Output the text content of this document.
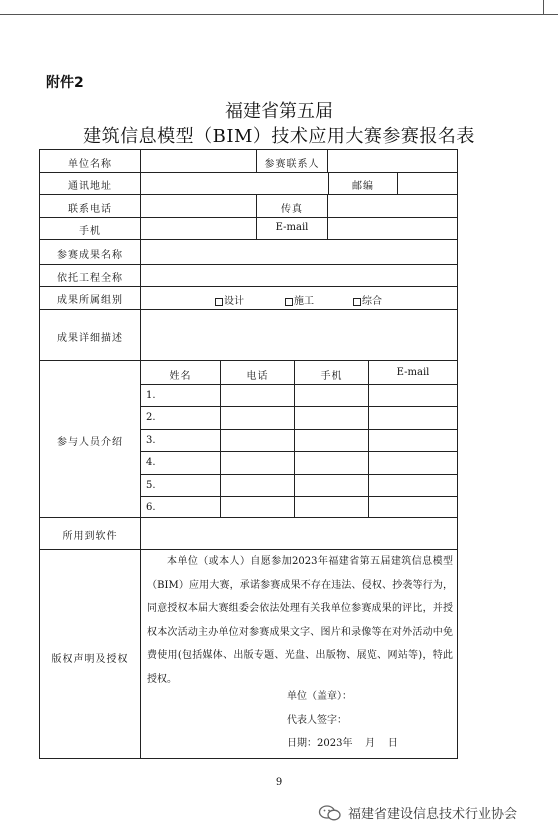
附件2
福建省第五届
建筑信息模型（BIM）技术应用大赛参赛报名表
单位名称	参赛联系人
通讯地址	邮编
联系电话	传真
手机	E-mail
参赛成果名称
依托工程全称
成果所属组别	设计	施工	综合
成果详细描述
参与人员介绍
姓名	电话	手机	E-mail
1.
2.
3.
4.
5.
6.
所用到软件
版权声明及授权

本单位（或本人）自愿参加2023年福建省第五届建筑信息模型（BIM）应用大赛，承诺参赛成果不存在违法、侵权、抄袭等行为，同意授权本届大赛组委会依法处理有关我单位参赛成果的评比，并授权本次活动主办单位对参赛成果文字、图片和录像等在对外活动中免费使用(包括媒体、出版专题、光盘、出版物、展览、网站等)，特此授权。

单位（盖章）：
代表人签字：
日期：2023年    月    日
9
福建省建设信息技术行业协会
